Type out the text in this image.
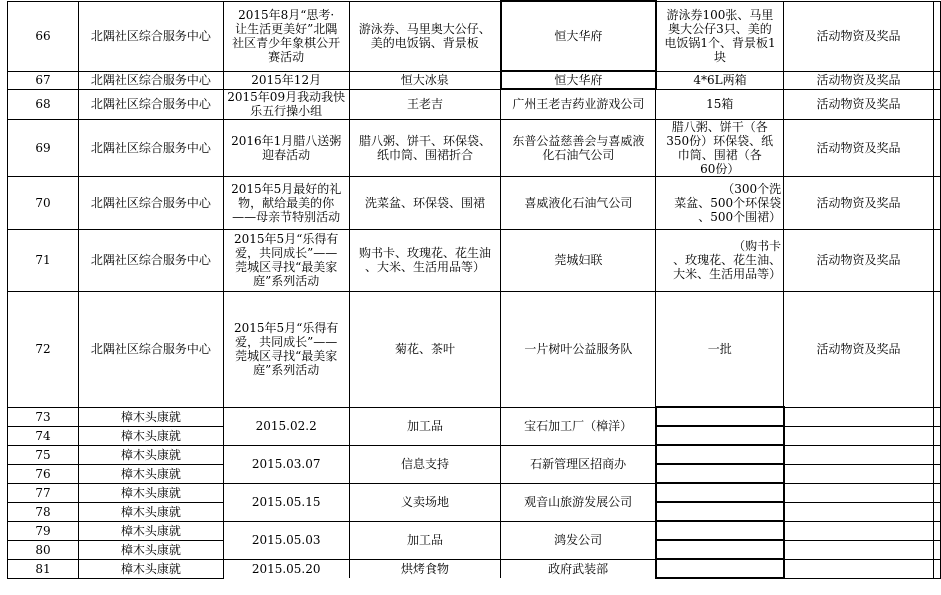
66	北隅社区综合服务中心	2015年8月“思考·
让生活更美好”北隅
社区青少年象棋公开
赛活动	游泳券、马里奥大公仔、
美的电饭锅、背景板	恒大华府	游泳券100张、马里
奥大公仔3只、美的
电饭锅1个、背景板1
块	活动物资及奖品	
67	北隅社区综合服务中心	2015年12月	恒大冰泉	恒大华府	4*6L两箱	活动物资及奖品	
68	北隅社区综合服务中心	2015年09月我动我快
乐五行操小组	王老吉	广州王老吉药业游戏公司	15箱	活动物资及奖品	
69	北隅社区综合服务中心	2016年1月腊八送粥
迎春活动	腊八粥、饼干、环保袋、
纸巾筒、围裙折合	东普公益慈善会与喜威液
化石油气公司	腊八粥、饼干（各
350份）环保袋、纸
巾筒、围裙（各
60份）	活动物资及奖品	
70	北隅社区综合服务中心	2015年5月最好的礼
物，献给最美的你
——母亲节特别活动	洗菜盆、环保袋、围裙	喜威液化石油气公司	（300个洗
菜盆、500个环保袋
、500个围裙）	活动物资及奖品	
71	北隅社区综合服务中心	2015年5月“乐得有
爱，共同成长”——
莞城区寻找“最美家
庭”系列活动	购书卡、玫瑰花、花生油
、大米、生活用品等）	莞城妇联	（购书卡
、玫瑰花、花生油、
大米、生活用品等）	活动物资及奖品	
72	北隅社区综合服务中心	2015年5月“乐得有
爱，共同成长”——
莞城区寻找“最美家
庭”系列活动	菊花、茶叶	一片树叶公益服务队	一批	活动物资及奖品	
73	樟木头康就	2015.02.2	加工品	宝石加工厂（樟洋）			
74	樟木头康就						
75	樟木头康就	2015.03.07	信息支持	石新管理区招商办			
76	樟木头康就						
77	樟木头康就	2015.05.15	义卖场地	观音山旅游发展公司			
78	樟木头康就						
79	樟木头康就	2015.05.03	加工品	鸿发公司			
80	樟木头康就						
81	樟木头康就	2015.05.20	烘烤食物	政府武装部			
